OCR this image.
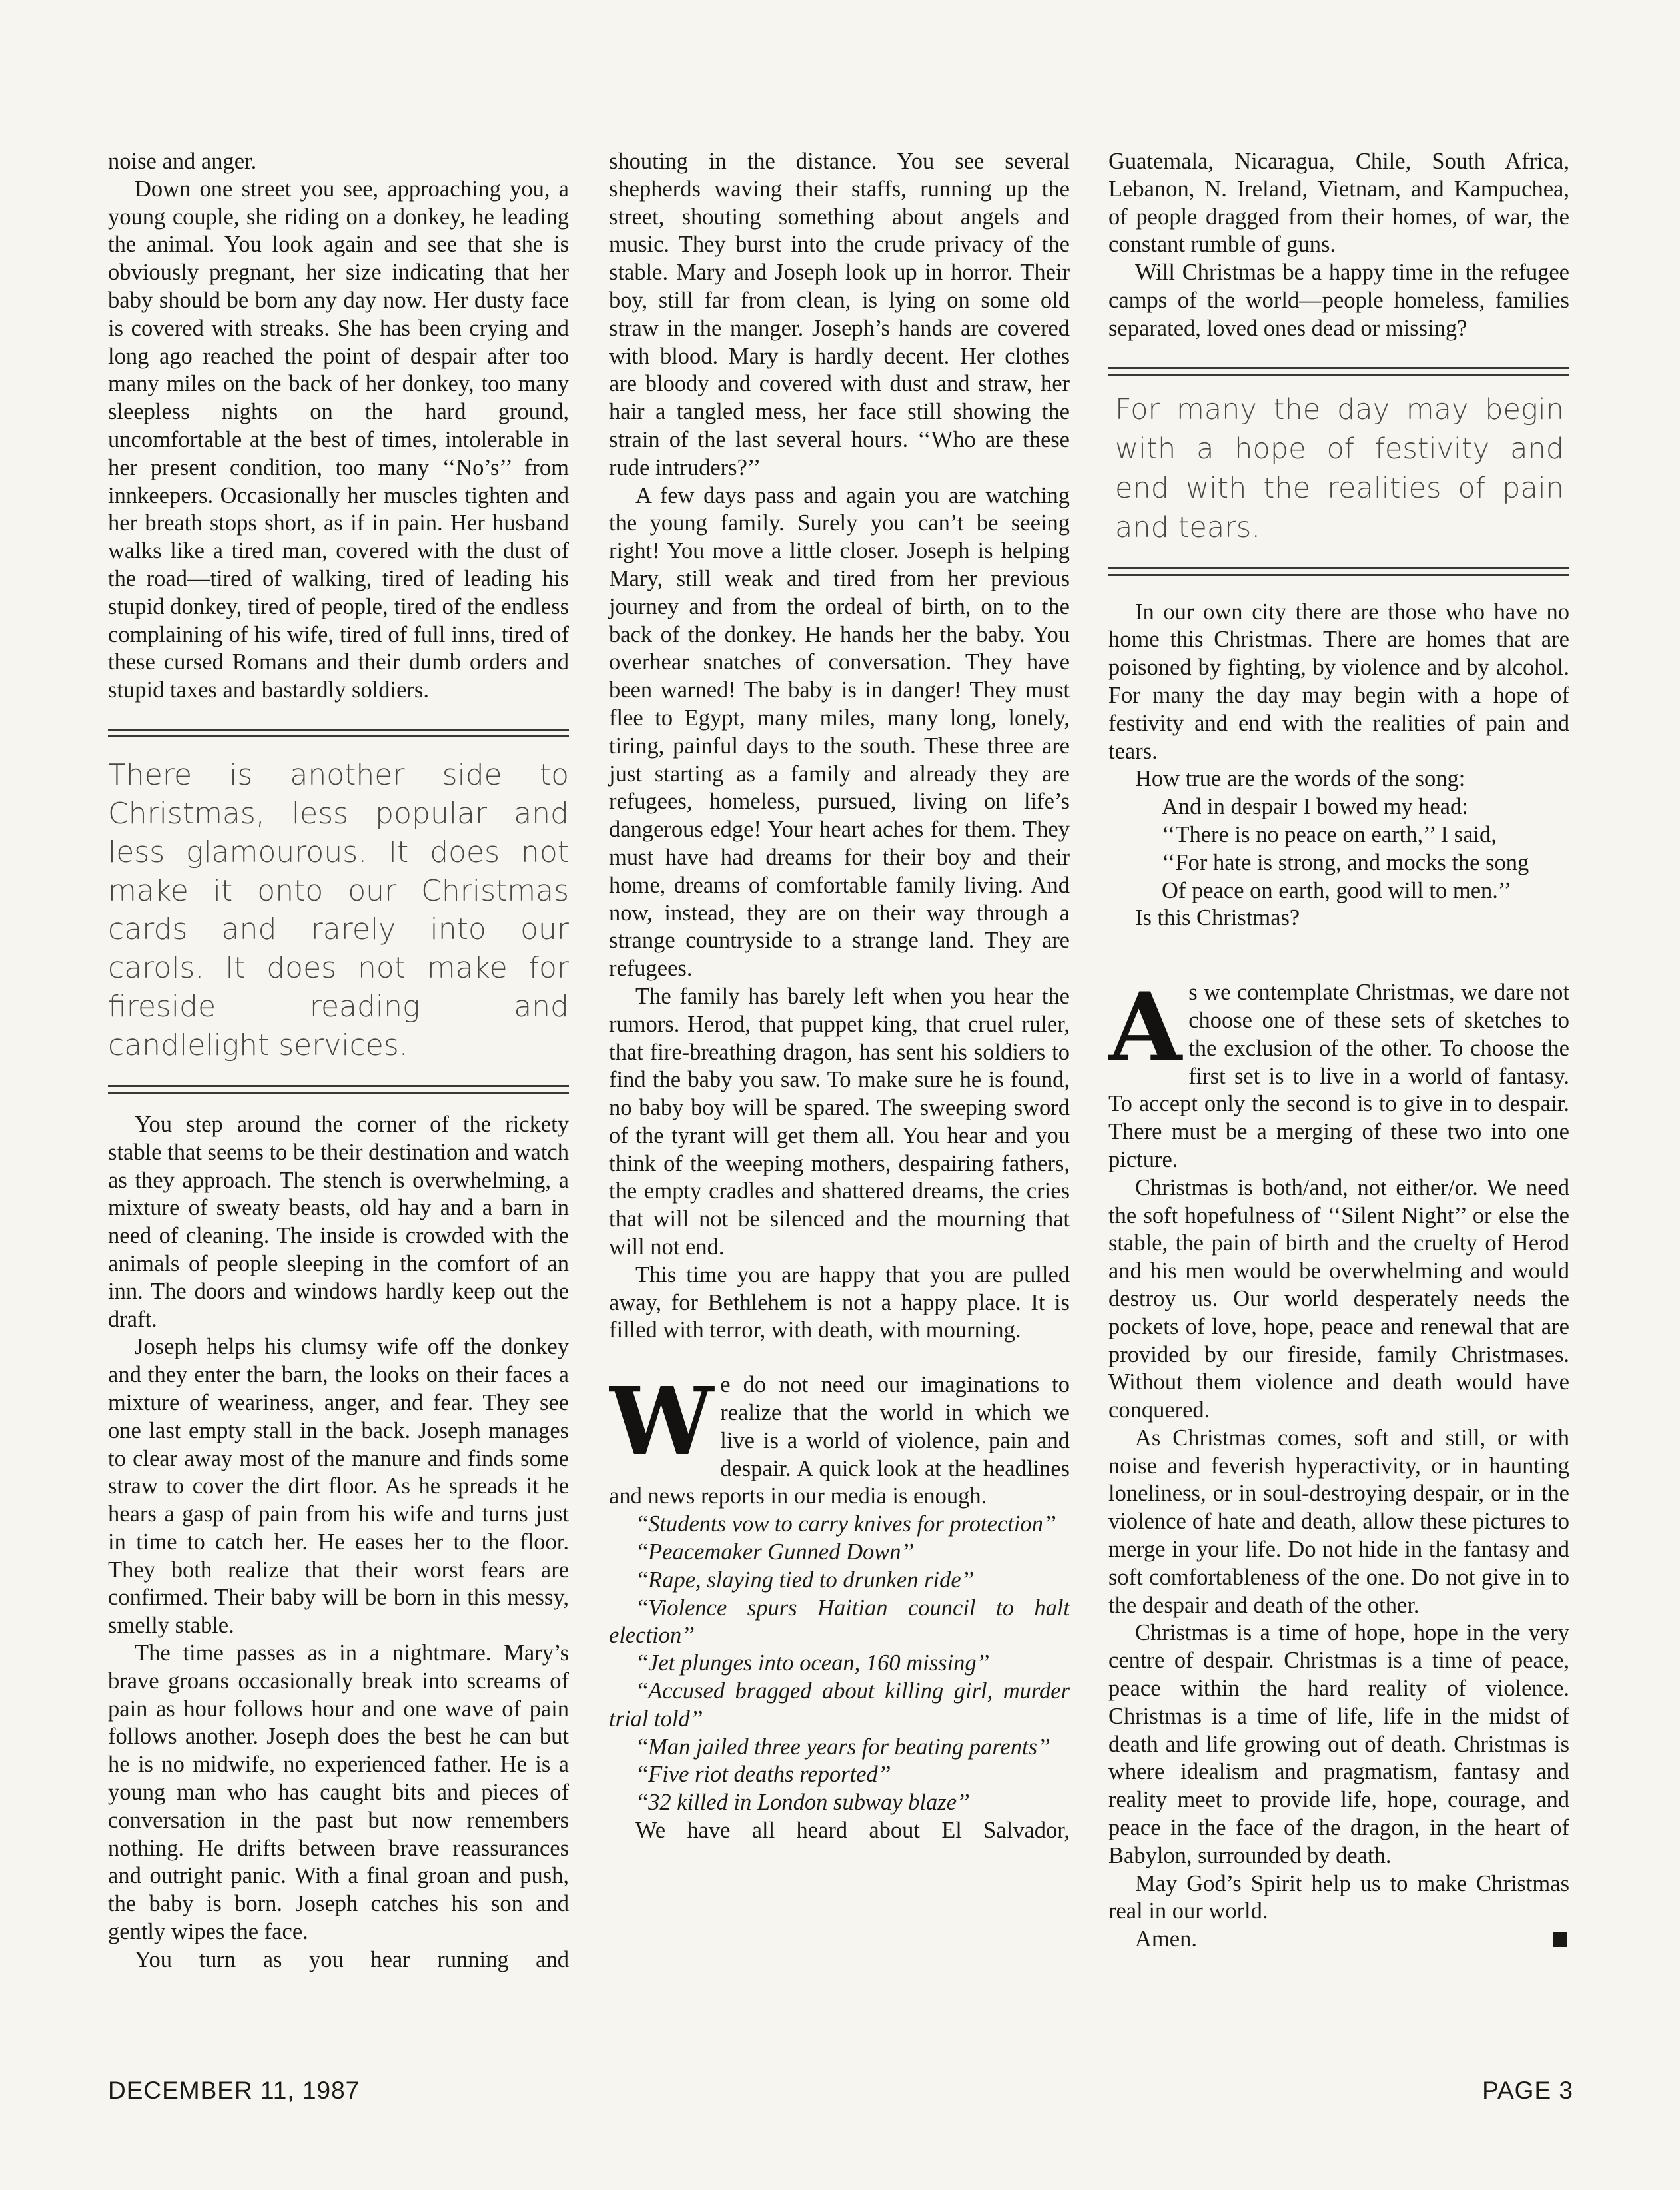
noise and anger.

Down one street you see, approaching you, a young couple, she riding on a donkey, he leading the animal. You look again and see that she is obviously pregnant, her size indicating that her baby should be born any day now. Her dusty face is covered with streaks. She has been crying and long ago reached the point of despair after too many miles on the back of her donkey, too many sleepless nights on the hard ground, uncomfortable at the best of times, intolerable in her present condition, too many ‘‘No’s’’ from innkeepers. Occasionally her muscles tighten and her breath stops short, as if in pain. Her husband walks like a tired man, covered with the dust of the road—tired of walking, tired of leading his stupid donkey, tired of people, tired of the endless complaining of his wife, tired of full inns, tired of these cursed Romans and their dumb orders and stupid taxes and bastardly soldiers.

There is another side to Christmas, less popular and less glamourous. It does not make it onto our Christmas cards and rarely into our carols. It does not make for fireside reading and candlelight services.

You step around the corner of the rickety stable that seems to be their destination and watch as they approach. The stench is overwhelming, a mixture of sweaty beasts, old hay and a barn in need of cleaning. The inside is crowded with the animals of people sleeping in the comfort of an inn. The doors and windows hardly keep out the draft.

Joseph helps his clumsy wife off the donkey and they enter the barn, the looks on their faces a mixture of weariness, anger, and fear. They see one last empty stall in the back. Joseph manages to clear away most of the manure and finds some straw to cover the dirt floor. As he spreads it he hears a gasp of pain from his wife and turns just in time to catch her. He eases her to the floor. They both realize that their worst fears are confirmed. Their baby will be born in this messy, smelly stable.

The time passes as in a nightmare. Mary’s brave groans occasionally break into screams of pain as hour follows hour and one wave of pain follows another. Joseph does the best he can but he is no midwife, no experienced father. He is a young man who has caught bits and pieces of conversation in the past but now remembers nothing. He drifts between brave reassurances and outright panic. With a final groan and push, the baby is born. Joseph catches his son and gently wipes the face.

You turn as you hear running and

shouting in the distance. You see several shepherds waving their staffs, running up the street, shouting something about angels and music. They burst into the crude privacy of the stable. Mary and Joseph look up in horror. Their boy, still far from clean, is lying on some old straw in the manger. Joseph’s hands are covered with blood. Mary is hardly decent. Her clothes are bloody and covered with dust and straw, her hair a tangled mess, her face still showing the strain of the last several hours. ‘‘Who are these rude intruders?’’

A few days pass and again you are watching the young family. Surely you can’t be seeing right! You move a little closer. Joseph is helping Mary, still weak and tired from her previous journey and from the ordeal of birth, on to the back of the donkey. He hands her the baby. You overhear snatches of conversation. They have been warned! The baby is in danger! They must flee to Egypt, many miles, many long, lonely, tiring, painful days to the south. These three are just starting as a family and already they are refugees, homeless, pursued, living on life’s dangerous edge! Your heart aches for them. They must have had dreams for their boy and their home, dreams of comfortable family living. And now, instead, they are on their way through a strange countryside to a strange land. They are refugees.

The family has barely left when you hear the rumors. Herod, that puppet king, that cruel ruler, that fire-breathing dragon, has sent his soldiers to find the baby you saw. To make sure he is found, no baby boy will be spared. The sweeping sword of the tyrant will get them all. You hear and you think of the weeping mothers, despairing fathers, the empty cradles and shattered dreams, the cries that will not be silenced and the mourning that will not end.

This time you are happy that you are pulled away, for Bethlehem is not a happy place. It is filled with terror, with death, with mourning.

W e do not need our imaginations to realize that the world in which we live is a world of violence, pain and despair. A quick look at the headlines and news reports in our media is enough.

‘‘Students vow to carry knives for protection’’

‘‘Peacemaker Gunned Down’’

‘‘Rape, slaying tied to drunken ride’’

‘‘Violence spurs Haitian council to halt election’’

‘‘Jet plunges into ocean, 160 missing’’

‘‘Accused bragged about killing girl, murder trial told’’

‘‘Man jailed three years for beating parents’’

‘‘Five riot deaths reported’’

‘‘32 killed in London subway blaze’’

We have all heard about El Salvador,

Guatemala, Nicaragua, Chile, South Africa, Lebanon, N. Ireland, Vietnam, and Kampuchea, of people dragged from their homes, of war, the constant rumble of guns.

Will Christmas be a happy time in the refugee camps of the world—people homeless, families separated, loved ones dead or missing?

For many the day may begin with a hope of festivity and end with the realities of pain and tears.

In our own city there are those who have no home this Christmas. There are homes that are poisoned by fighting, by violence and by alcohol. For many the day may begin with a hope of festivity and end with the realities of pain and tears.

How true are the words of the song:

And in despair I bowed my head:

‘‘There is no peace on earth,’’ I said,

‘‘For hate is strong, and mocks the song

Of peace on earth, good will to men.’’

Is this Christmas?

A s we contemplate Christmas, we dare not choose one of these sets of sketches to the exclusion of the other. To choose the first set is to live in a world of fantasy. To accept only the second is to give in to despair. There must be a merging of these two into one picture.

Christmas is both/and, not either/or. We need the soft hopefulness of ‘‘Silent Night’’ or else the stable, the pain of birth and the cruelty of Herod and his men would be overwhelming and would destroy us. Our world desperately needs the pockets of love, hope, peace and renewal that are provided by our fireside, family Christmases. Without them violence and death would have conquered.

As Christmas comes, soft and still, or with noise and feverish hyperactivity, or in haunting loneliness, or in soul-destroying despair, or in the violence of hate and death, allow these pictures to merge in your life. Do not hide in the fantasy and soft comfortableness of the one. Do not give in to the despair and death of the other.

Christmas is a time of hope, hope in the very centre of despair. Christmas is a time of peace, peace within the hard reality of violence. Christmas is a time of life, life in the midst of death and life growing out of death. Christmas is where idealism and pragmatism, fantasy and reality meet to provide life, hope, courage, and peace in the face of the dragon, in the heart of Babylon, surrounded by death.

May God’s Spirit help us to make Christmas real in our world.

Amen.

DECEMBER 11, 1987	PAGE 3
